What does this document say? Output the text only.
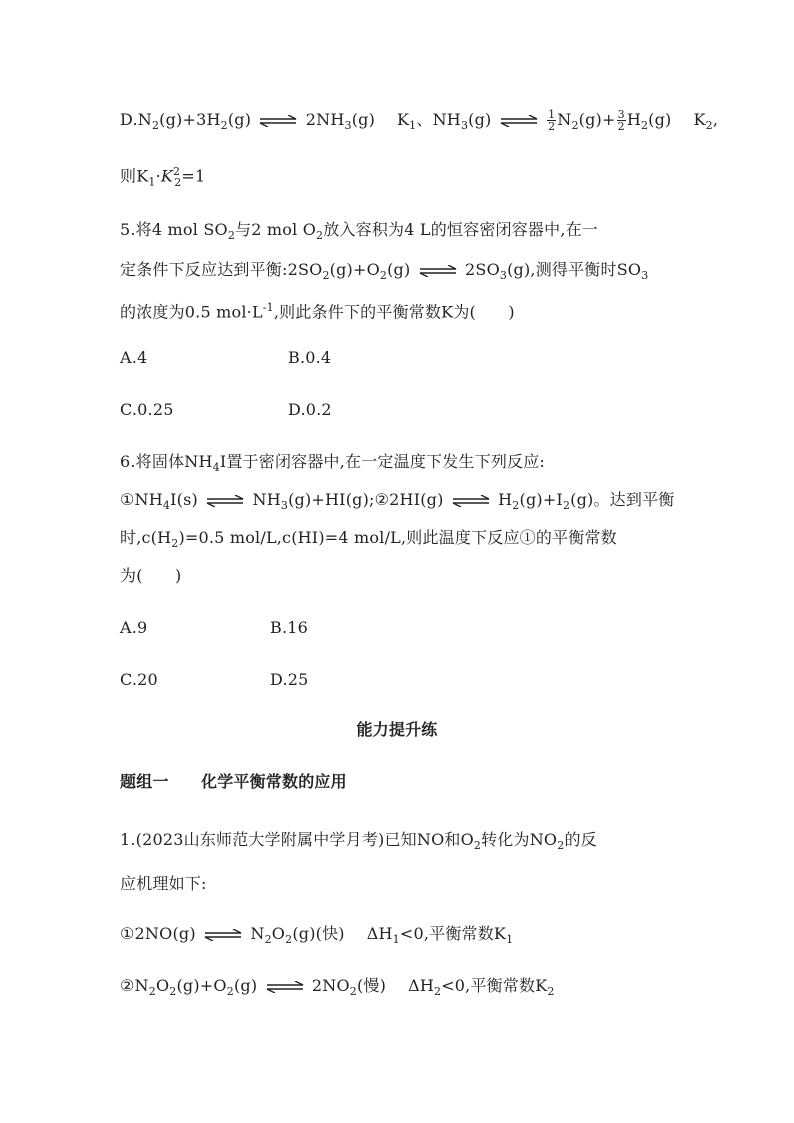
$D.N_2(g)+3H_2(g)$ ⇌ $2NH_3(g)$ $K_1$、$NH_3(g)$ ⇌ $\frac{1}{2} N_2(g)+ \frac{3}{2} H_2(g)$ $K_2$,
则$K_1\cdot K^2_2=1$
5.将4 mol $SO_2$与2 mol $O_2$放入容积为4 L的恒容密闭容器中,在一
定条件下反应达到平衡$:2SO_2(g)+O_2(g)$ ⇌ $2SO_3(g)$,测得平衡时$SO_3$
的浓度为0.5 $mol\cdot L^{-1}$,则此条件下的平衡常数K为(　　)
A.4	B.0.4
C.0.25	D.0.2
6.将固体$NH_4I$置于密闭容器中,在一定温度下发生下列反应:
$①NH_4I(s)$ ⇌ $NH_3(g)+HI(g);②2HI(g)$ ⇌ $H_2(g)+I_2(g)$。达到平衡
时$,c(H_2)=0.5$ mol/L,c(HI)=4 mol/L,则此温度下反应①的平衡常数
为(　　)
A.9	B.16
C.20	D.25
能力提升练
题组一　　化学平衡常数的应用
1.(2023山东师范大学附属中学月考)已知NO和$O_2$转化为$NO_2$的反
应机理如下:
①2NO(g) ⇌ $N_2O_2(g)$(快) $\Delta H_1<0$,平衡常数$K_1$
$②N_2O_2(g)+O_2(g)$ ⇌ $2NO_2$(慢) $\Delta H_2<0$,平衡常数$K_2$
